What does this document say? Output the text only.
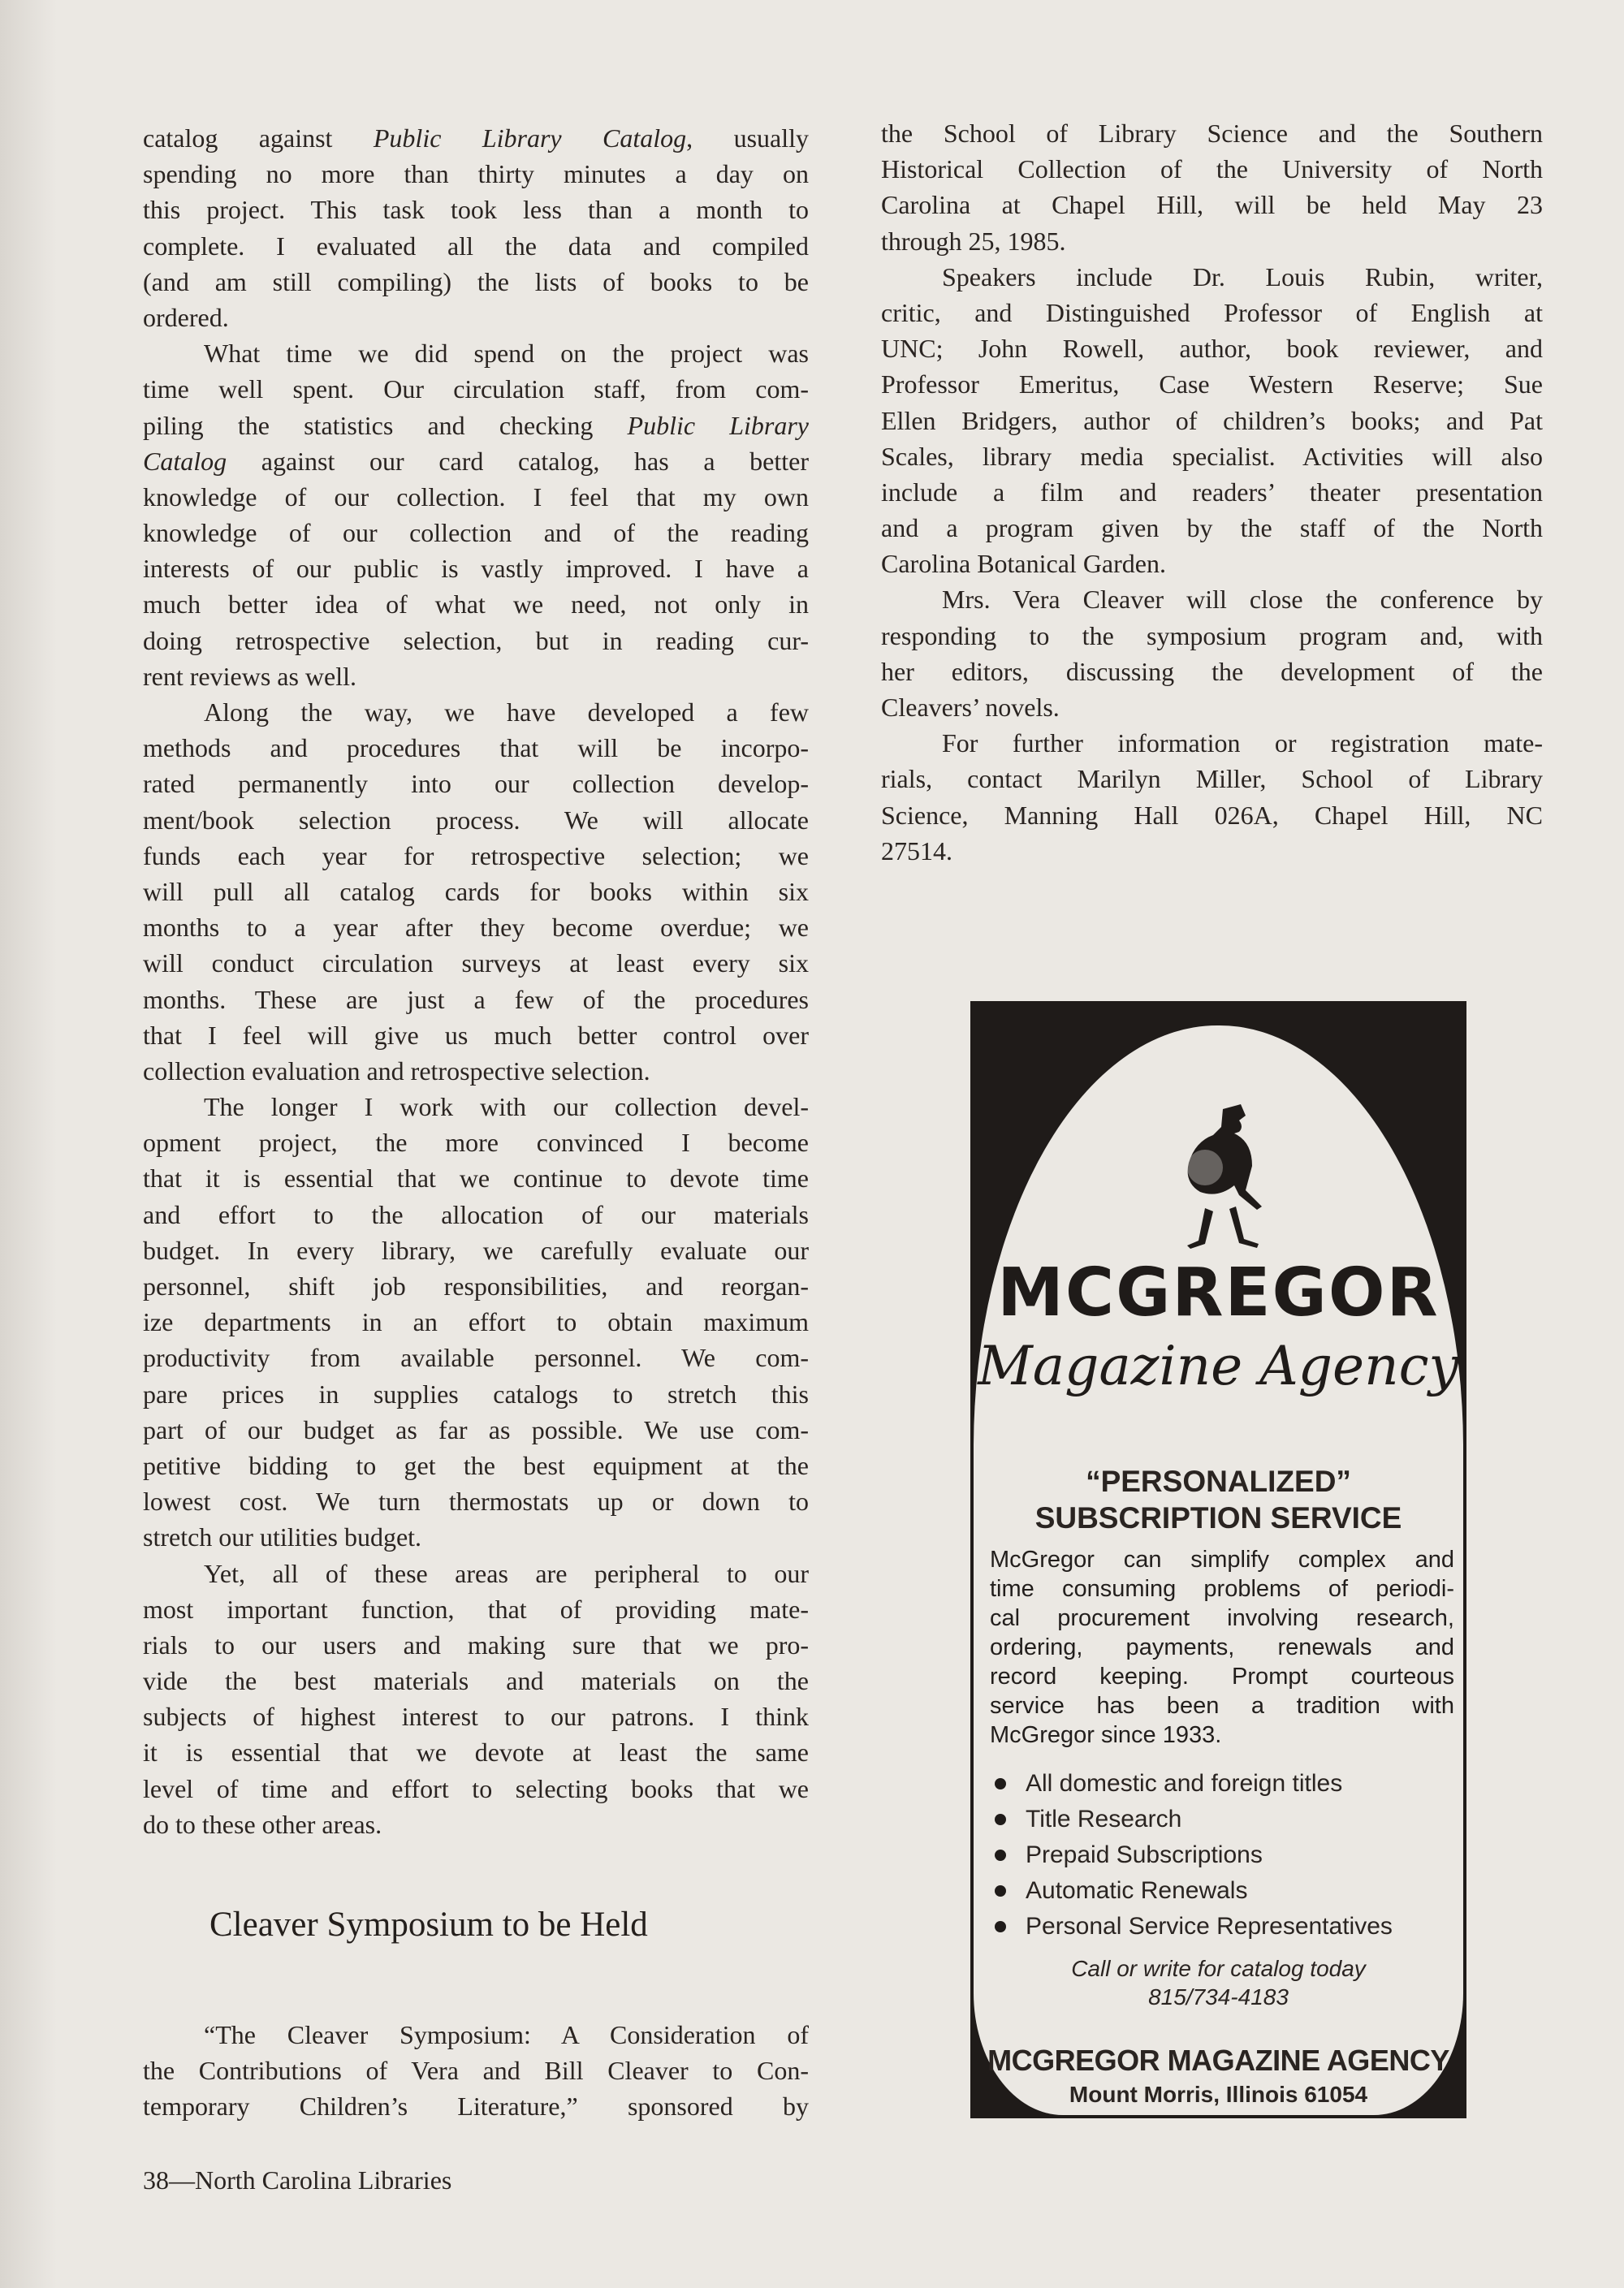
catalog against Public Library Catalog, usually
spending no more than thirty minutes a day on
this project. This task took less than a month to
complete. I evaluated all the data and compiled
(and am still compiling) the lists of books to be
ordered.
What time we did spend on the project was
time well spent. Our circulation staff, from com-
piling the statistics and checking Public Library
Catalog against our card catalog, has a better
knowledge of our collection. I feel that my own
knowledge of our collection and of the reading
interests of our public is vastly improved. I have a
much better idea of what we need, not only in
doing retrospective selection, but in reading cur-
rent reviews as well.
Along the way, we have developed a few
methods and procedures that will be incorpo-
rated permanently into our collection develop-
ment/book selection process. We will allocate
funds each year for retrospective selection; we
will pull all catalog cards for books within six
months to a year after they become overdue; we
will conduct circulation surveys at least every six
months. These are just a few of the procedures
that I feel will give us much better control over
collection evaluation and retrospective selection.
The longer I work with our collection devel-
opment project, the more convinced I become
that it is essential that we continue to devote time
and effort to the allocation of our materials
budget. In every library, we carefully evaluate our
personnel, shift job responsibilities, and reorgan-
ize departments in an effort to obtain maximum
productivity from available personnel. We com-
pare prices in supplies catalogs to stretch this
part of our budget as far as possible. We use com-
petitive bidding to get the best equipment at the
lowest cost. We turn thermostats up or down to
stretch our utilities budget.
Yet, all of these areas are peripheral to our
most important function, that of providing mate-
rials to our users and making sure that we pro-
vide the best materials and materials on the
subjects of highest interest to our patrons. I think
it is essential that we devote at least the same
level of time and effort to selecting books that we
do to these other areas.
Cleaver Symposium to be Held
“The Cleaver Symposium: A Consideration of
the Contributions of Vera and Bill Cleaver to Con-
temporary Children’s Literature,” sponsored by
the School of Library Science and the Southern
Historical Collection of the University of North
Carolina at Chapel Hill, will be held May 23
through 25, 1985.
Speakers include Dr. Louis Rubin, writer,
critic, and Distinguished Professor of English at
UNC; John Rowell, author, book reviewer, and
Professor Emeritus, Case Western Reserve; Sue
Ellen Bridgers, author of children’s books; and Pat
Scales, library media specialist. Activities will also
include a film and readers’ theater presentation
and a program given by the staff of the North
Carolina Botanical Garden.
Mrs. Vera Cleaver will close the conference by
responding to the symposium program and, with
her editors, discussing the development of the
Cleavers’ novels.
For further information or registration mate-
rials, contact Marilyn Miller, School of Library
Science, Manning Hall 026A, Chapel Hill, NC
27514.
MCGREGOR
Magazine Agency
“PERSONALIZED”
SUBSCRIPTION SERVICE
McGregor can simplify complex and
time consuming problems of periodi-
cal procurement involving research,
ordering, payments, renewals and
record keeping. Prompt courteous
service has been a tradition with
McGregor since 1933.
All domestic and foreign titles
Title Research
Prepaid Subscriptions
Automatic Renewals
Personal Service Representatives
Call or write for catalog today
815/734-4183
MCGREGOR MAGAZINE AGENCY
Mount Morris, Illinois 61054
38—North Carolina Libraries
